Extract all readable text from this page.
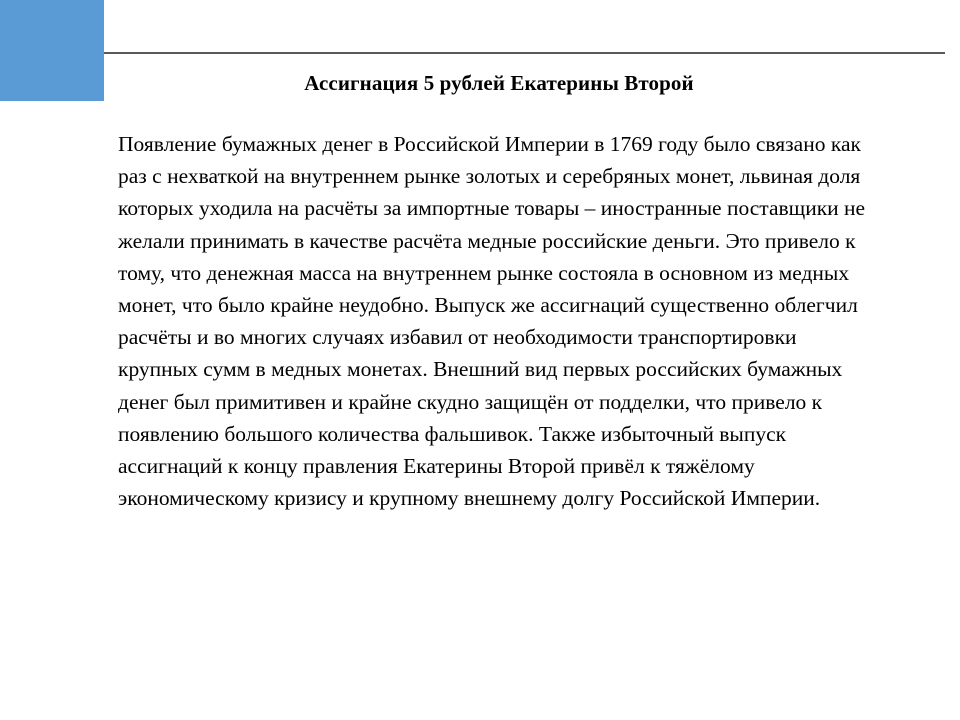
Ассигнация 5 рублей Екатерины Второй

Появление бумажных денег в Российской Империи в 1769 году было связано как раз с нехваткой на внутреннем рынке золотых и серебряных монет, львиная доля которых уходила на расчёты за импортные товары – иностранные поставщики не желали принимать в качестве расчёта медные российские деньги. Это привело к тому, что денежная масса на внутреннем рынке состояла в основном из медных монет, что было крайне неудобно. Выпуск же ассигнаций существенно облегчил расчёты и во многих случаях избавил от необходимости транспортировки крупных сумм в медных монетах. Внешний вид первых российских бумажных денег был примитивен и крайне скудно защищён от подделки, что привело к появлению большого количества фальшивок. Также избыточный выпуск ассигнаций к концу правления Екатерины Второй привёл к тяжёлому экономическому кризису и крупному внешнему долгу Российской Империи.
